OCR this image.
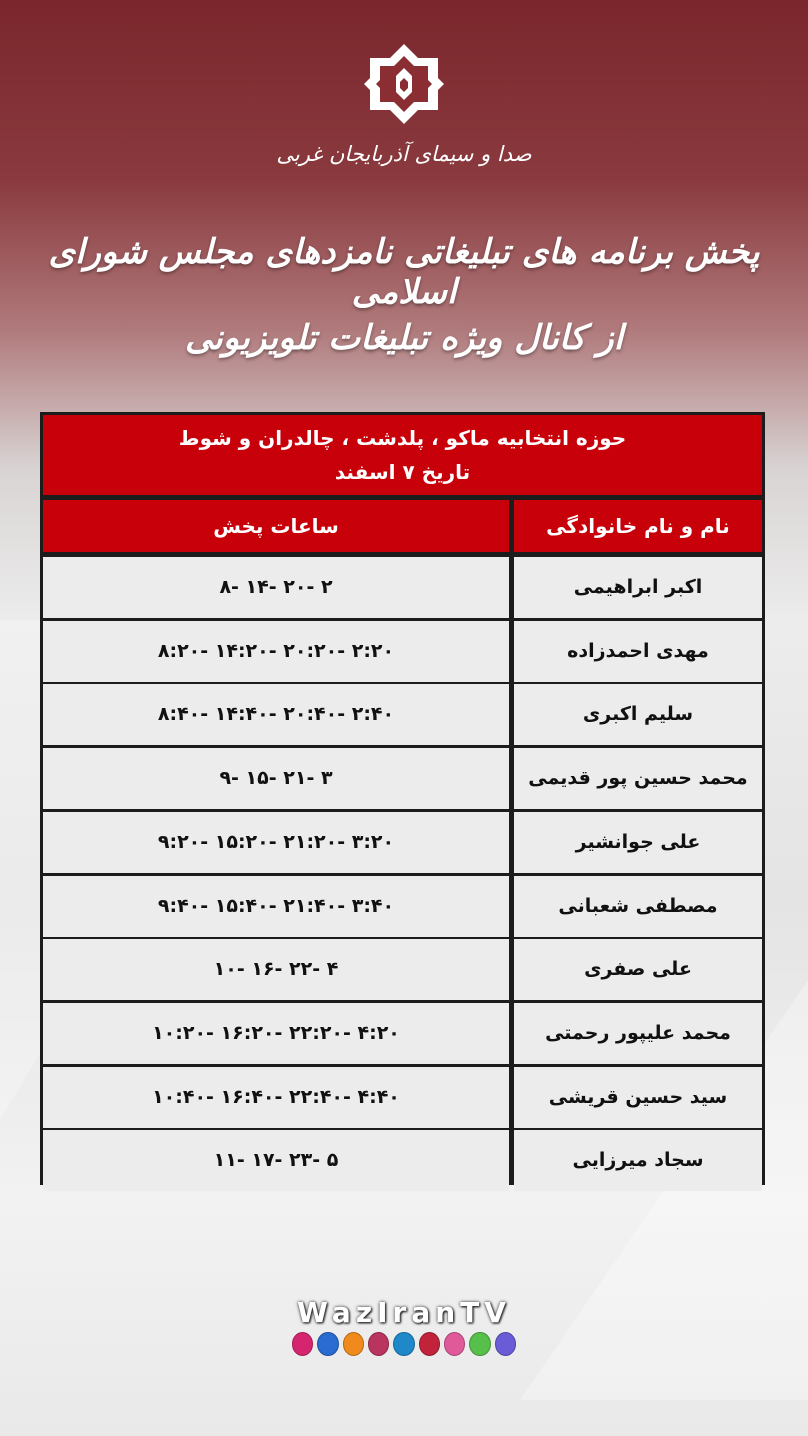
صدا و سیمای آذربایجان غربی
پخش برنامه های تبلیغاتی نامزدهای مجلس شورای اسلامی
از کانال ویژه تبلیغات تلویزیونی
حوزه انتخابیه ماکو ، پلدشت ، چالدران و شوط
تاریخ ۷ اسفند
نام و نام خانوادگی
ساعات پخش
۸- ۱۴- ۲۰- ۲	اکبر ابراهیمی
۸:۲۰- ۱۴:۲۰- ۲۰:۲۰- ۲:۲۰	مهدی احمدزاده
۸:۴۰- ۱۴:۴۰- ۲۰:۴۰- ۲:۴۰	سلیم اکبری
۹- ۱۵- ۲۱- ۳	محمد حسین پور قدیمی
۹:۲۰- ۱۵:۲۰- ۲۱:۲۰- ۳:۲۰	علی جوانشیر
۹:۴۰- ۱۵:۴۰- ۲۱:۴۰- ۳:۴۰	مصطفی شعبانی
۱۰- ۱۶- ۲۲- ۴	علی صفری
۱۰:۲۰- ۱۶:۲۰- ۲۲:۲۰- ۴:۲۰	محمد علیپور رحمتی
۱۰:۴۰- ۱۶:۴۰- ۲۲:۴۰- ۴:۴۰	سید حسین قریشی
۱۱- ۱۷- ۲۳- ۵	سجاد میرزایی
WazIranTV
